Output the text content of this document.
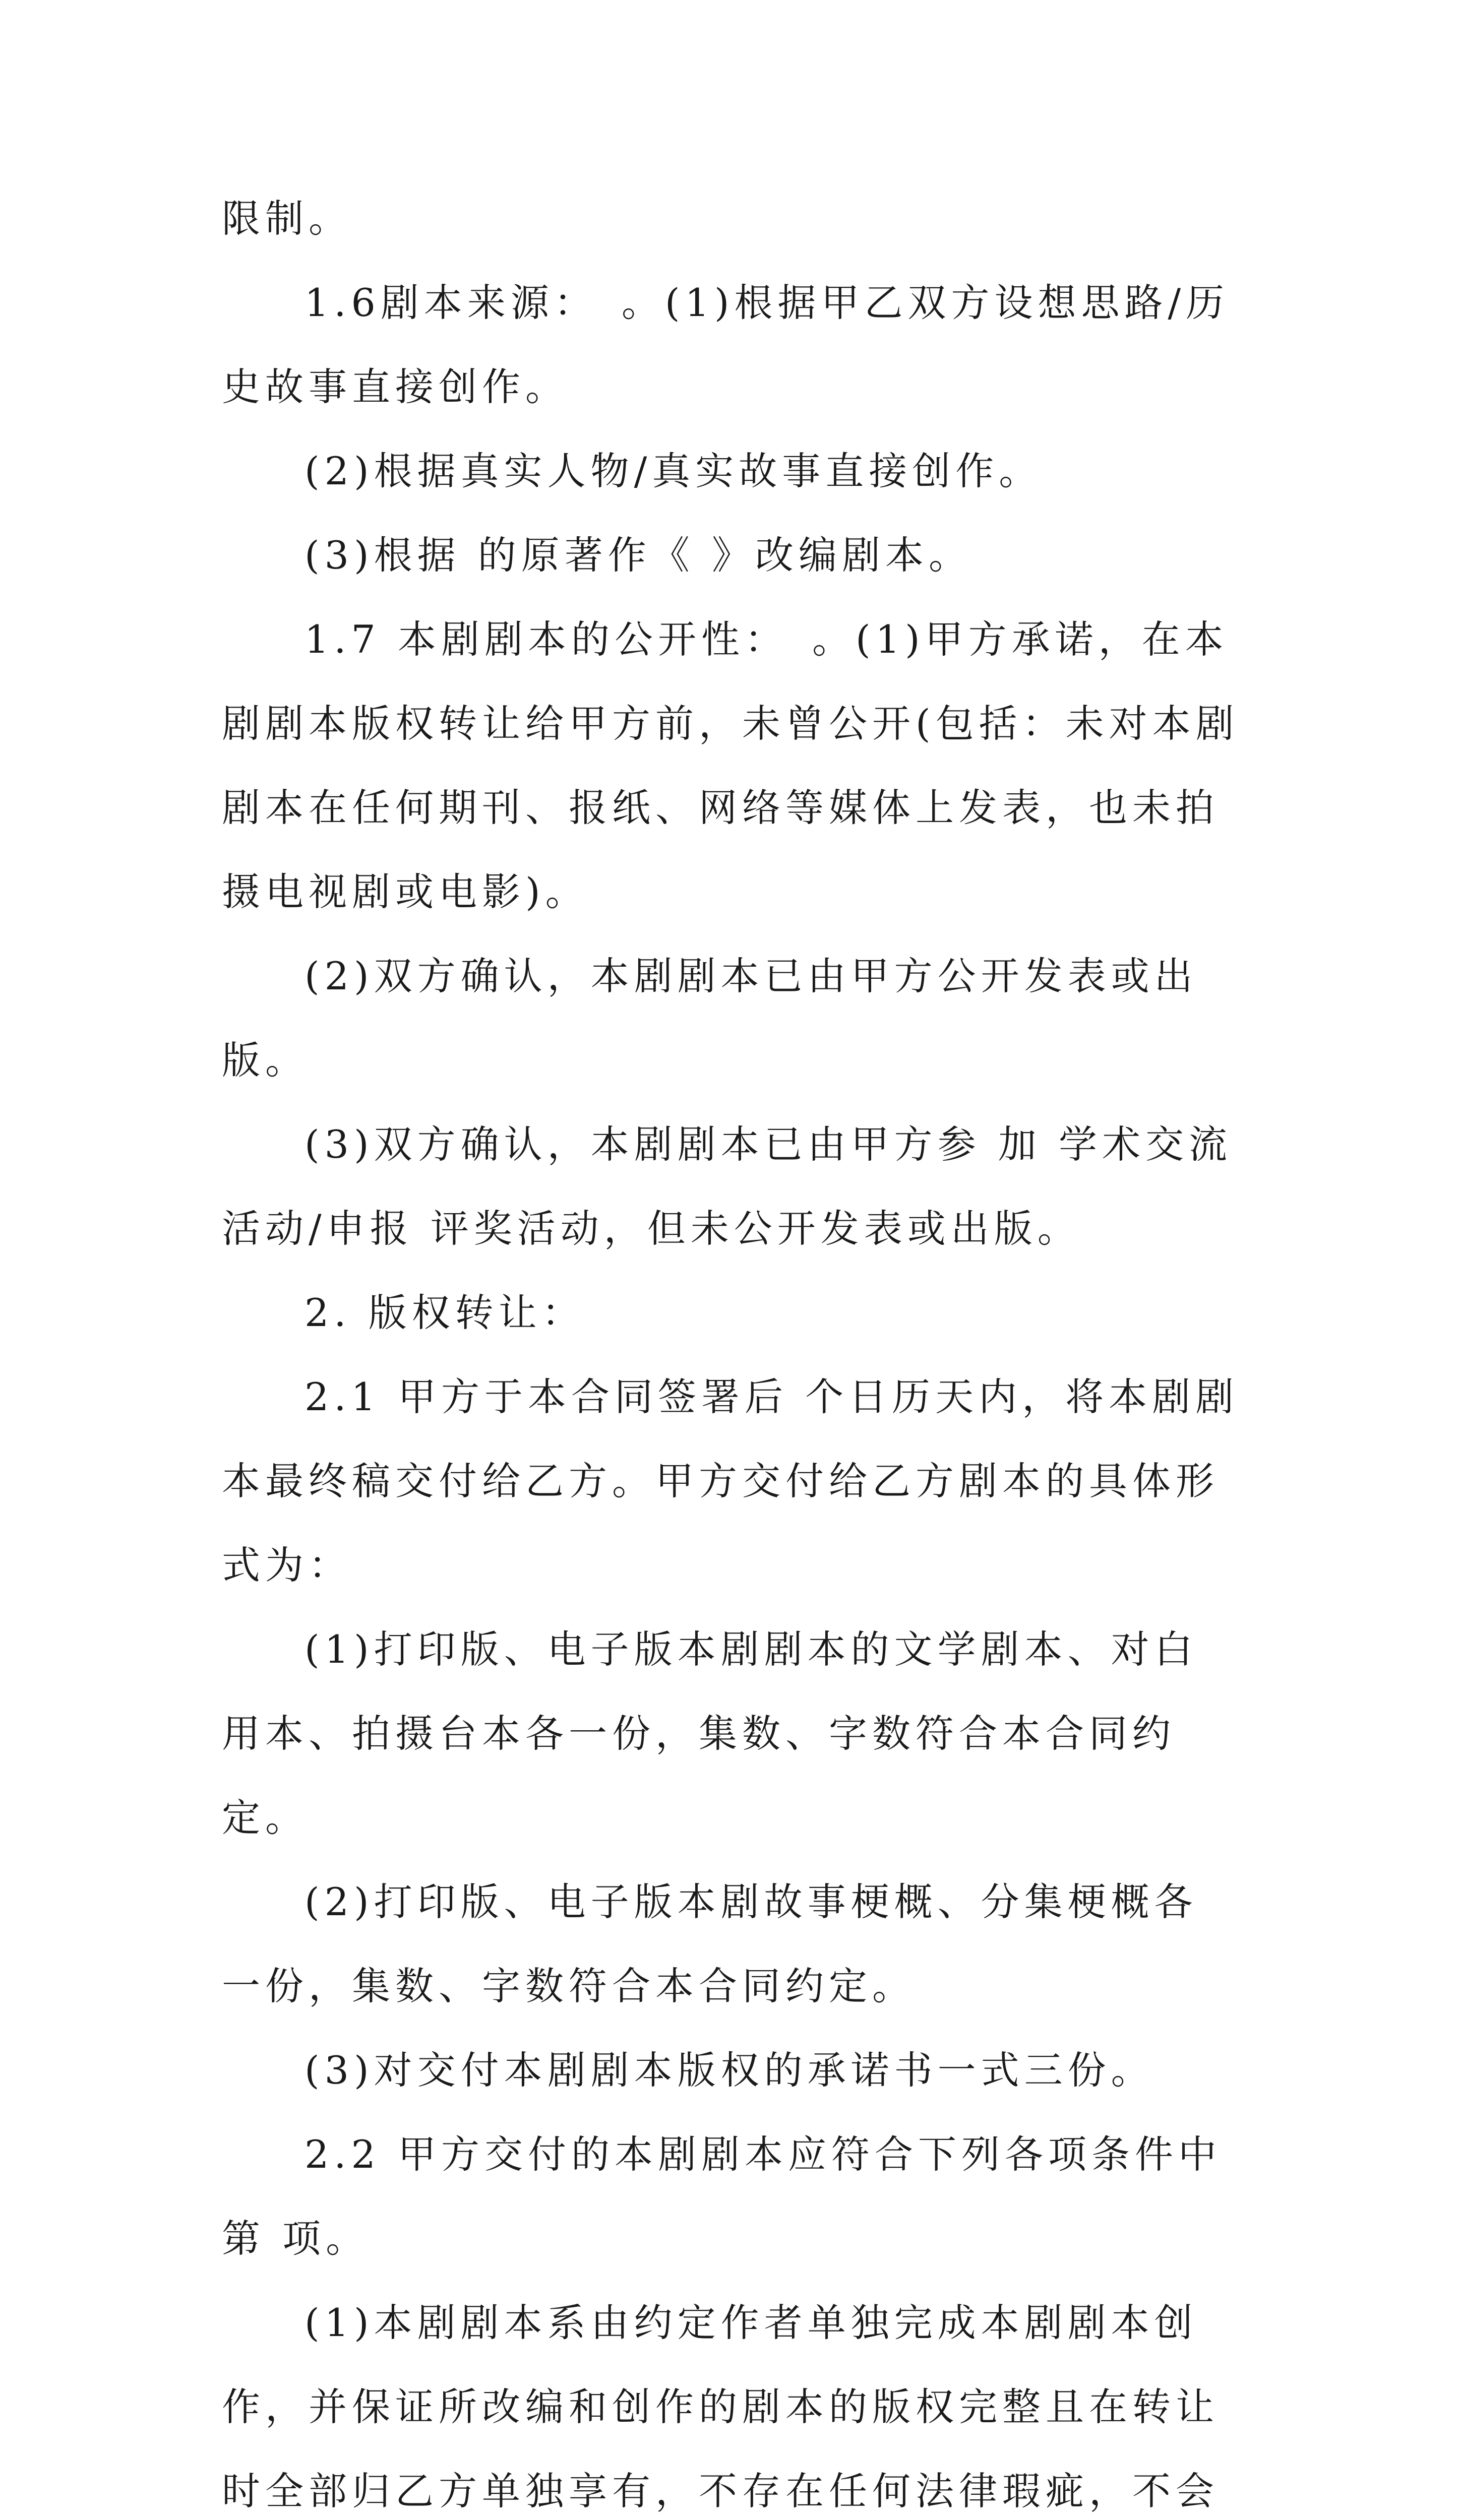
限制。

1.6剧本来源：　。(1)根据甲乙双方设想思路/历史故事直接创作。

(2)根据真实人物/真实故事直接创作。

(3)根据 的原著作《 》改编剧本。

1.7 本剧剧本的公开性：　。(1)甲方承诺，在本剧剧本版权转让给甲方前，未曾公开(包括：未对本剧剧本在任何期刊、报纸、网络等媒体上发表，也未拍摄电视剧或电影)。

(2)双方确认，本剧剧本已由甲方公开发表或出版。

(3)双方确认，本剧剧本已由甲方参 加 学术交流活动/申报 评奖活动，但未公开发表或出版。

2. 版权转让：

2.1 甲方于本合同签署后 个日历天内，将本剧剧本最终稿交付给乙方。甲方交付给乙方剧本的具体形式为：

(1)打印版、电子版本剧剧本的文学剧本、对白用本、拍摄台本各一份，集数、字数符合本合同约定。

(2)打印版、电子版本剧故事梗概、分集梗概各一份，集数、字数符合本合同约定。

(3)对交付本剧剧本版权的承诺书一式三份。

2.2 甲方交付的本剧剧本应符合下列各项条件中第 项。

(1)本剧剧本系由约定作者单独完成本剧剧本创作，并保证所改编和创作的剧本的版权完整且在转让时全部归乙方单独享有，不存在任何法律瑕疵，不会
